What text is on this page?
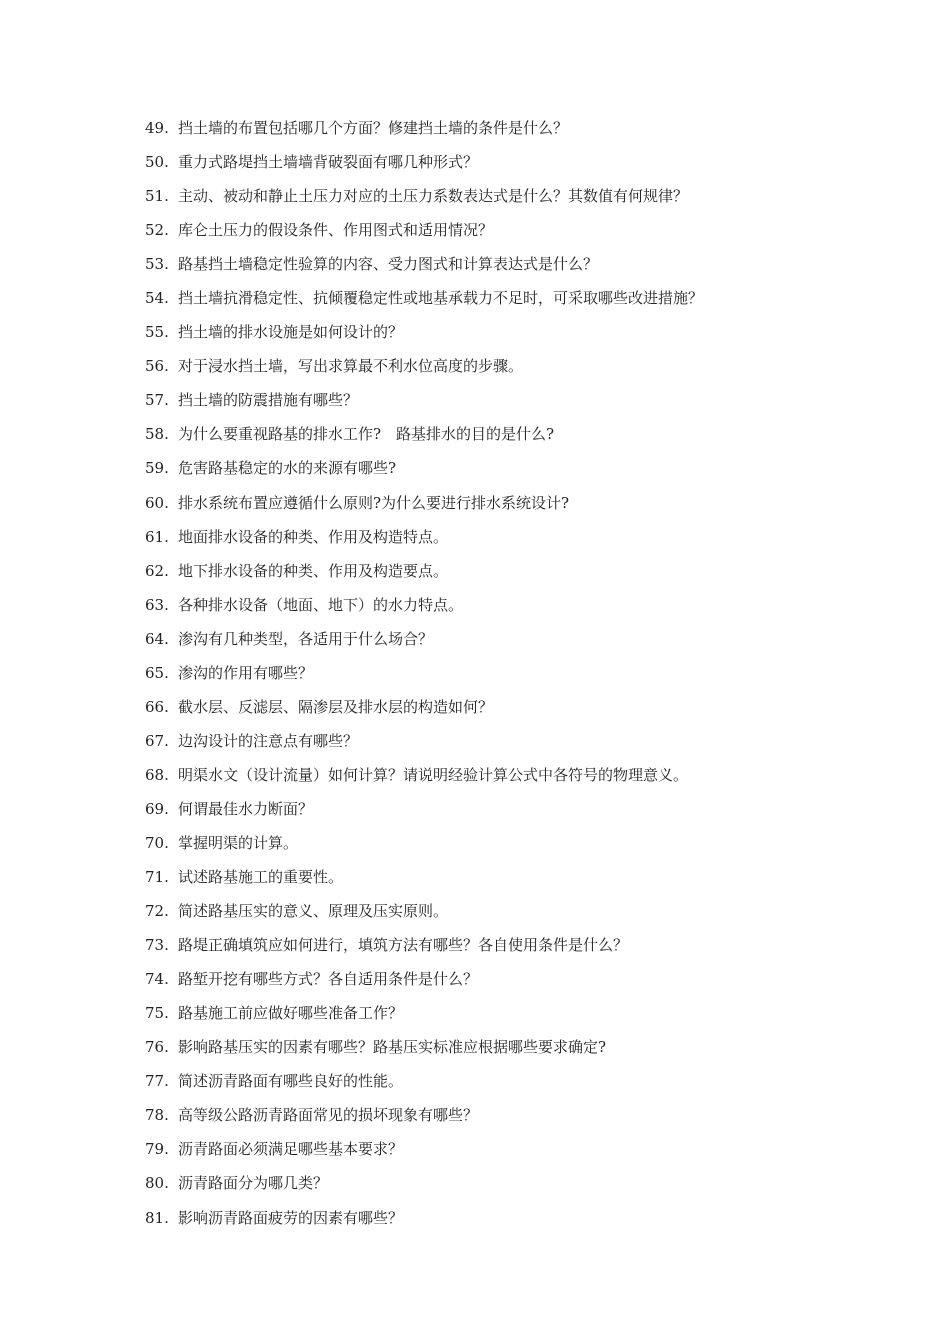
49. 挡土墙的布置包括哪几个方面？修建挡土墙的条件是什么？
50. 重力式路堤挡土墙墙背破裂面有哪几种形式？
51. 主动、被动和静止土压力对应的土压力系数表达式是什么？其数值有何规律？
52. 库仑土压力的假设条件、作用图式和适用情况？
53. 路基挡土墙稳定性验算的内容、受力图式和计算表达式是什么？
54. 挡土墙抗滑稳定性、抗倾覆稳定性或地基承载力不足时，可采取哪些改进措施？
55. 挡土墙的排水设施是如何设计的？
56. 对于浸水挡土墙，写出求算最不利水位高度的步骤。
57. 挡土墙的防震措施有哪些？
58. 为什么要重视路基的排水工作?　路基排水的目的是什么?
59. 危害路基稳定的水的来源有哪些?
60. 排水系统布置应遵循什么原则?为什么要进行排水系统设计?
61. 地面排水设备的种类、作用及构造特点。
62. 地下排水设备的种类、作用及构造要点。
63. 各种排水设备（地面、地下）的水力特点。
64. 渗沟有几种类型，各适用于什么场合？
65. 渗沟的作用有哪些？
66. 截水层、反滤层、隔渗层及排水层的构造如何？
67. 边沟设计的注意点有哪些？
68. 明渠水文（设计流量）如何计算？请说明经验计算公式中各符号的物理意义。
69. 何谓最佳水力断面？
70. 掌握明渠的计算。
71. 试述路基施工的重要性。
72. 简述路基压实的意义、原理及压实原则。
73. 路堤正确填筑应如何进行，填筑方法有哪些？各自使用条件是什么？
74. 路堑开挖有哪些方式？各自适用条件是什么？
75. 路基施工前应做好哪些准备工作？
76. 影响路基压实的因素有哪些？路基压实标准应根据哪些要求确定?
77. 简述沥青路面有哪些良好的性能。
78. 高等级公路沥青路面常见的损坏现象有哪些？
79. 沥青路面必须满足哪些基本要求？
80. 沥青路面分为哪几类？
81. 影响沥青路面疲劳的因素有哪些？
